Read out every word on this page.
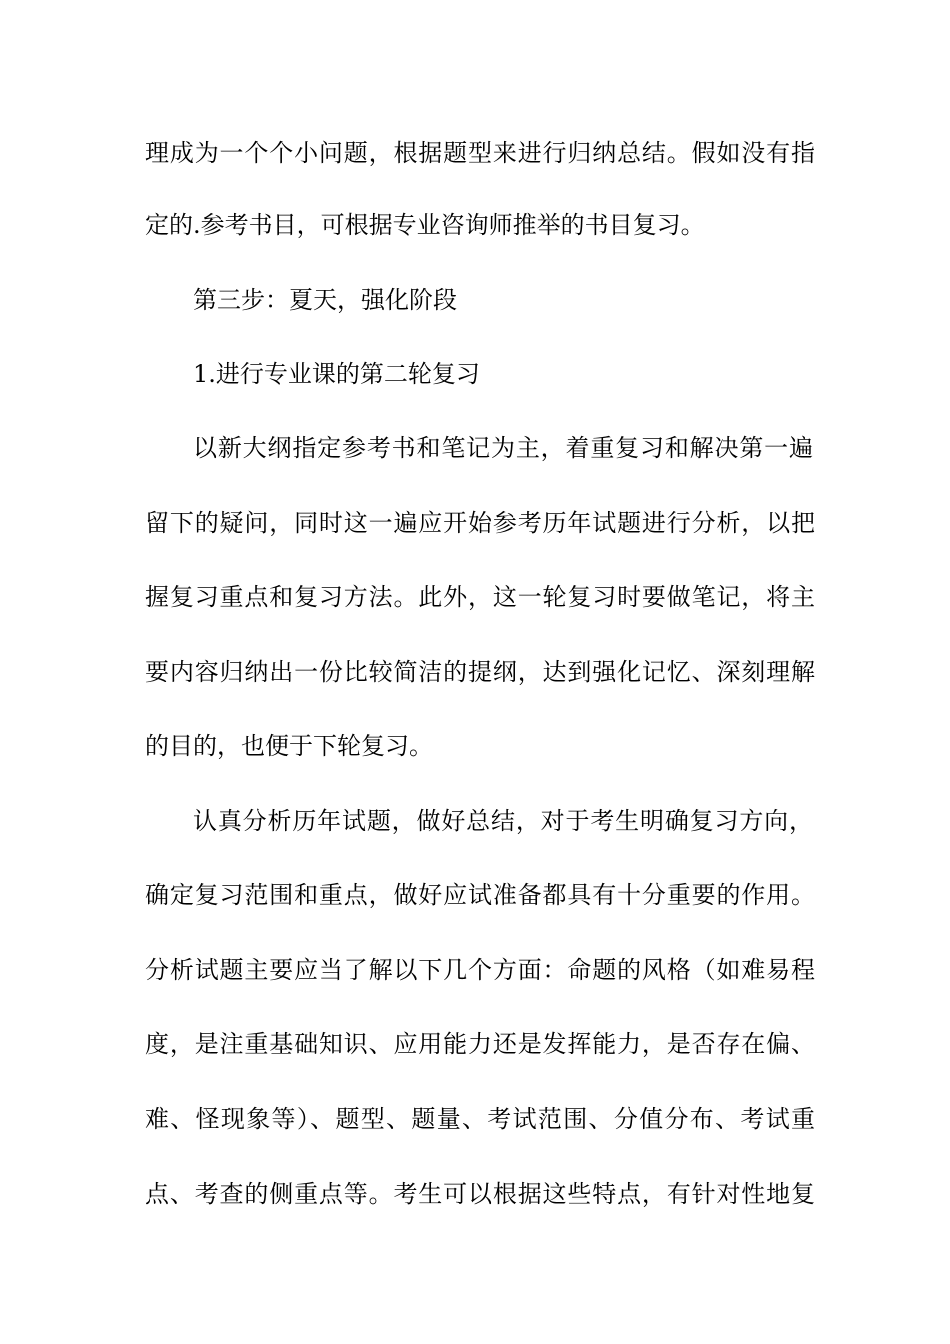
理成为一个个小问题，根据题型来进行归纳总结。假如没有指
定的.参考书目，可根据专业咨询师推举的书目复习。
第三步：夏天，强化阶段
1.进行专业课的第二轮复习
以新大纲指定参考书和笔记为主，着重复习和解决第一遍
留下的疑问，同时这一遍应开始参考历年试题进行分析，以把
握复习重点和复习方法。此外，这一轮复习时要做笔记，将主
要内容归纳出一份比较简洁的提纲，达到强化记忆、深刻理解
的目的，也便于下轮复习。
认真分析历年试题，做好总结，对于考生明确复习方向，
确定复习范围和重点，做好应试准备都具有十分重要的作用。
分析试题主要应当了解以下几个方面：命题的风格（如难易程
度，是注重基础知识、应用能力还是发挥能力，是否存在偏、
难、怪现象等）、题型、题量、考试范围、分值分布、考试重
点、考查的侧重点等。考生可以根据这些特点，有针对性地复
